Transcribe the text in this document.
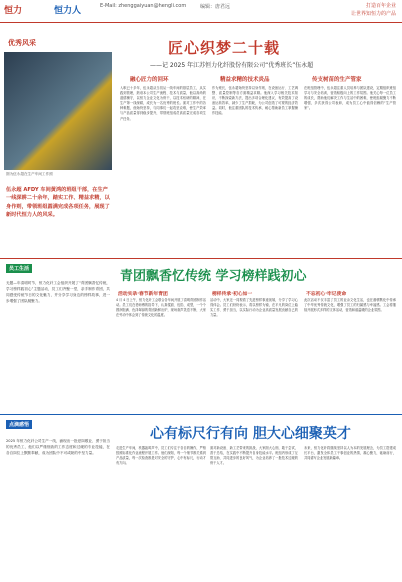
恒力	恒力人	E-Mail: zhenggaiyuan@hengli.com	编辑：唐君远	打造百年企业
让世界知恒力的产品
优秀风采
图为伍永超在生产车间工作照
匠心织梦二十载
——记 2025 年江苏恒力化纤股份有限公司“优秀班长”伍永超
融心匠力的回环	精益求精的技术炎品	传支树苗的生产管家
入职已十多年，伍永超从当初从一线车间的基层员工，从实践到管理，熟谙本公司生产流程、技术与质量，他以高尚的道德操守，以恒力企业文化为骨干，以技术钻研的精神，在生产第一线深耕，成长为一名优秀的班长。面对工作中的各种难题，他始终坚持，与同事们一起攻坚克难，使生产效率与产品质量得到稳步提升，带领班组成员高质量完成各项生产任务。
作为班长，伍永超始终坚持以身作则，在设备运行、工艺调整、质量控制等各方面精益求精。他深入学习相关技术知识，不断探索新方法，提出多项合理化建议，有效提高了设备运转效率，减少了生产损耗，为公司创造了可观的经济效益。同时，他注重团队的技术传承，耐心帮助新员工掌握操作技能。
在班组管理中，伍永超注重人员培养与团队建设，定期组织班组学习与安全培训，营造积极向上的工作氛围。他关心每一位员工的成长，帮助他们解决工作与生活中的困难，使班组凝聚力不断增强，多次获得公司表彰，成为员工心中值得信赖的“生产管家”。
伍永超 AFDY 车间黄鸿的班组干部，在生产一线深耕二十余年，踏实工作、精益求精，以身作则，带领班组圆满完成各项任务，展现了新时代恒力人的风采。
员工生活	青团飘香忆传统 学习榜样践初心
无题—年清明时节，恒力化纤工会组织开展了“青团飘香忆传统，学习榜样践初心”主题活动，员工们齐聚一堂，亲手制作青团，共同感受传统节日的文化魅力，并分享学习身边的榜样故事，进一步增强了团队凝聚力。
活动实录·春节新年青团
4 月 4 日上午，恒力化纤工会联合各车间开展了清明青团制作活动。员工们在老师傅的指导下，认真揉面、包馅、成型，一个个圆润饱满、色泽翠绿的青团新鲜出炉，现场欢声笑语不断，大家在劳动中体会到了传统文化的温度。
榜样传承·初心如一
活动中，大家还一同观看了先进榜样事迹视频，分享了学习心得体会。员工们纷纷表示，将以榜样为镜，在平凡的岗位上踏实工作、勇于担当，以实际行动为企业高质量发展贡献自己的力量。
不忘初心·牢记使命
此次活动不仅丰富了员工的业余文化生活，也在潜移默化中传承了中华优秀传统文化，增强了员工的归属感与幸福感。工会将继续开展形式多样的文体活动，营造和谐温暖的企业氛围。
点滴感悟
心有标尺行有向 胆大心细聚英才
2025 年恒力化纤公司生产一线，涌现出一批爱岗敬业、勇于担当的优秀员工，他们以严谨细致的工作态度和过硬的专业技能，在各自岗位上默默奉献，成为团队中不可或缺的中坚力量。
走进生产车间，机器轰鸣声中，员工们专注于各自的操作，严格按照标准化作业流程开展工作。他们深知，每一个细节都关系到产品质量，每一次检查都是对安全的守护，心中有标尺，行动才有方向。
面对新设备、新工艺带来的挑战，大家胆大心细，敢于尝试，善于总结，在实践中不断提升自身技能水平。班组内形成了互帮互助、共同进步的良好风气，为企业培养了一批技术过硬的骨干人才。
未来，恒力化纤将继续坚持以人为本的发展理念，为员工搭建成长平台，激发全体员工干事创业的热情，凝心聚力，砥砺前行，共同谱写企业发展新篇章。
